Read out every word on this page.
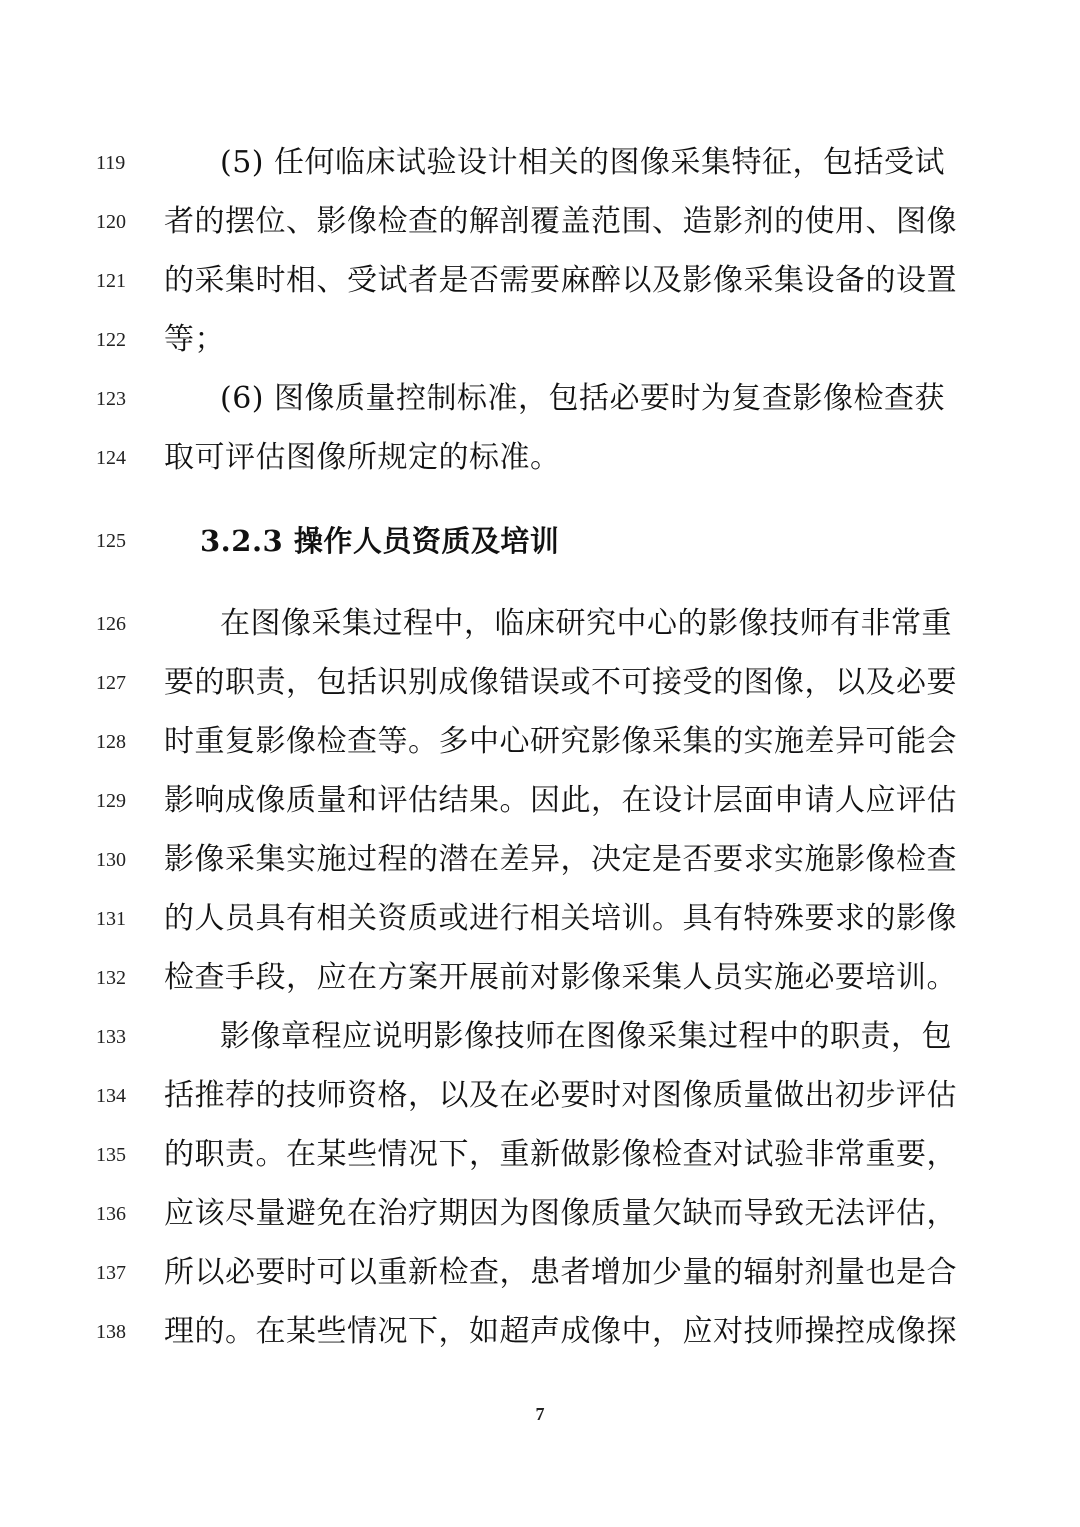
119	(5) 任何临床试验设计相关的图像采集特征，包括受试
120	者的摆位、影像检查的解剖覆盖范围、造影剂的使用、图像
121	的采集时相、受试者是否需要麻醉以及影像采集设备的设置
122	等；
123	(6) 图像质量控制标准，包括必要时为复查影像检查获
124	取可评估图像所规定的标准。
125	3.2.3 操作人员资质及培训
126	在图像采集过程中，临床研究中心的影像技师有非常重
127	要的职责，包括识别成像错误或不可接受的图像，以及必要
128	时重复影像检查等。多中心研究影像采集的实施差异可能会
129	影响成像质量和评估结果。因此，在设计层面申请人应评估
130	影像采集实施过程的潜在差异，决定是否要求实施影像检查
131	的人员具有相关资质或进行相关培训。具有特殊要求的影像
132	检查手段，应在方案开展前对影像采集人员实施必要培训。
133	影像章程应说明影像技师在图像采集过程中的职责，包
134	括推荐的技师资格，以及在必要时对图像质量做出初步评估
135	的职责。在某些情况下，重新做影像检查对试验非常重要，
136	应该尽量避免在治疗期因为图像质量欠缺而导致无法评估，
137	所以必要时可以重新检查，患者增加少量的辐射剂量也是合
138	理的。在某些情况下，如超声成像中，应对技师操控成像探
7
